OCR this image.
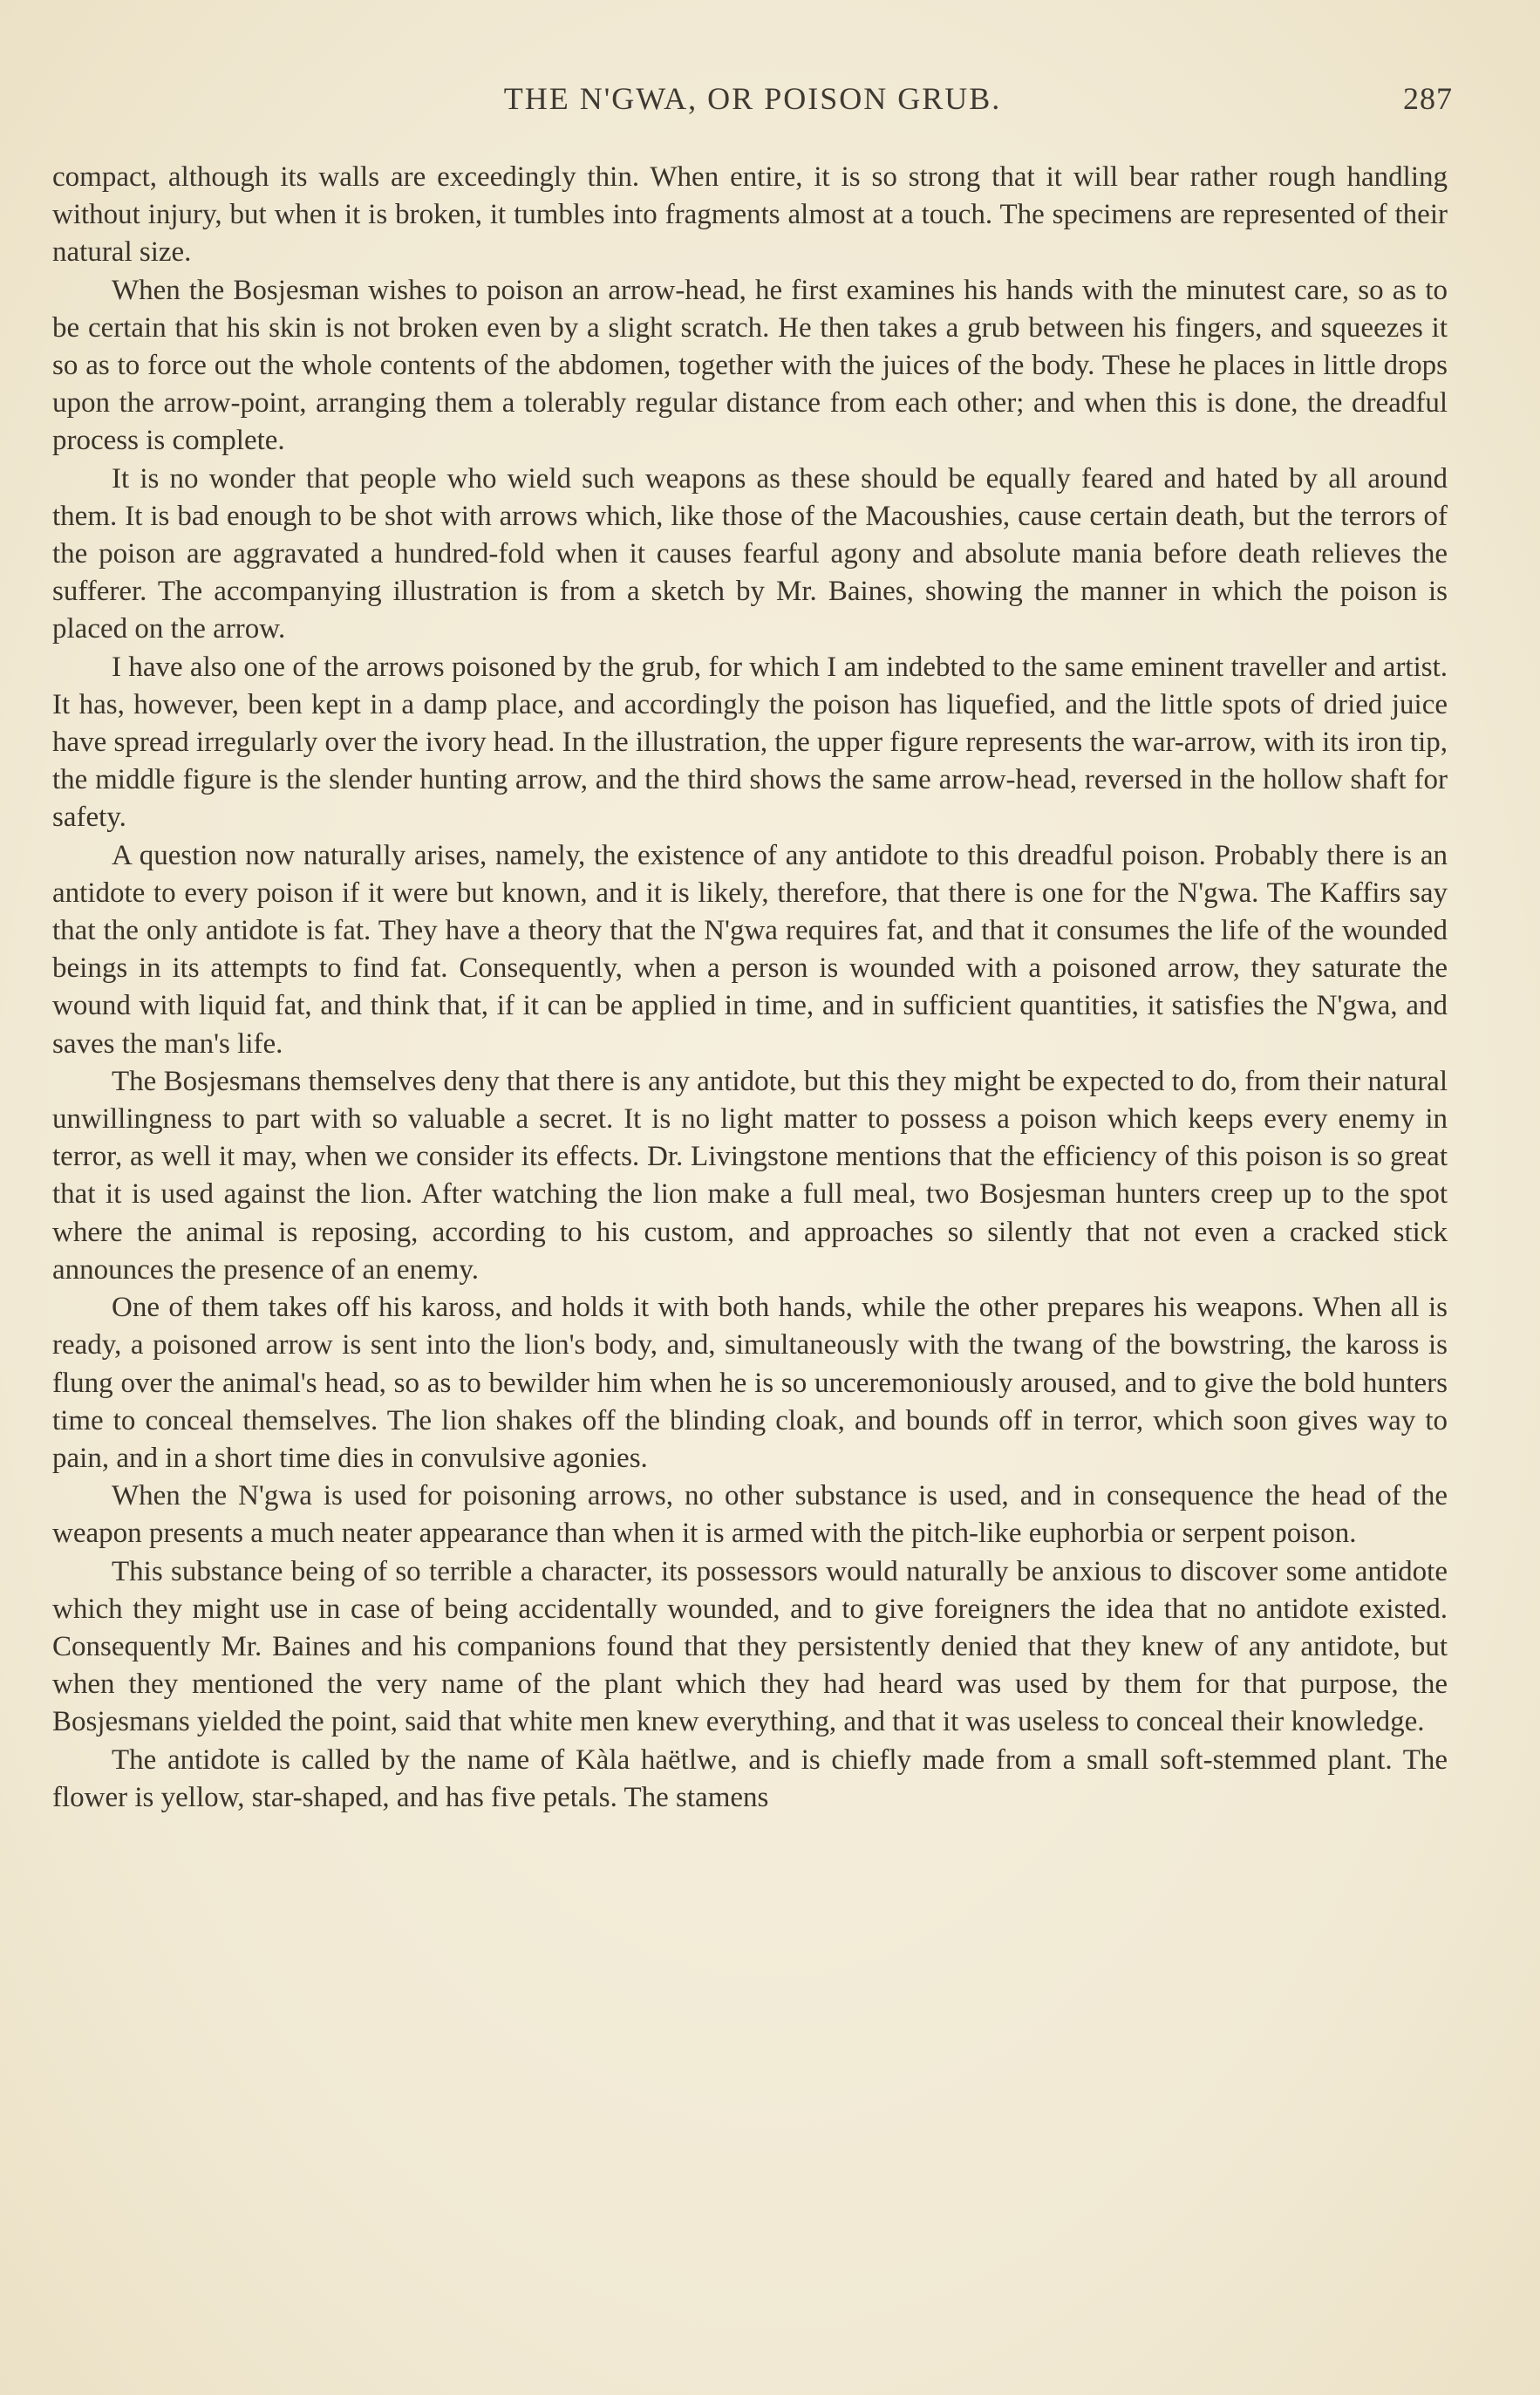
THE N'GWA, OR POISON GRUB.	287

compact, although its walls are exceedingly thin. When entire, it is so strong that it will bear rather rough handling without injury, but when it is broken, it tumbles into fragments almost at a touch. The specimens are represented of their natural size.

When the Bosjesman wishes to poison an arrow-head, he first examines his hands with the minutest care, so as to be certain that his skin is not broken even by a slight scratch. He then takes a grub between his fingers, and squeezes it so as to force out the whole contents of the abdomen, together with the juices of the body. These he places in little drops upon the arrow-point, arranging them a tolerably regular distance from each other; and when this is done, the dreadful process is complete.

It is no wonder that people who wield such weapons as these should be equally feared and hated by all around them. It is bad enough to be shot with arrows which, like those of the Macoushies, cause certain death, but the terrors of the poison are aggravated a hundred-fold when it causes fearful agony and absolute mania before death relieves the sufferer. The accompanying illustration is from a sketch by Mr. Baines, showing the manner in which the poison is placed on the arrow.

I have also one of the arrows poisoned by the grub, for which I am indebted to the same eminent traveller and artist. It has, however, been kept in a damp place, and accordingly the poison has liquefied, and the little spots of dried juice have spread irregularly over the ivory head. In the illustration, the upper figure represents the war-arrow, with its iron tip, the middle figure is the slender hunting arrow, and the third shows the same arrow-head, reversed in the hollow shaft for safety.

A question now naturally arises, namely, the existence of any antidote to this dreadful poison. Probably there is an antidote to every poison if it were but known, and it is likely, therefore, that there is one for the N'gwa. The Kaffirs say that the only antidote is fat. They have a theory that the N'gwa requires fat, and that it consumes the life of the wounded beings in its attempts to find fat. Consequently, when a person is wounded with a poisoned arrow, they saturate the wound with liquid fat, and think that, if it can be applied in time, and in sufficient quantities, it satisfies the N'gwa, and saves the man's life.

The Bosjesmans themselves deny that there is any antidote, but this they might be expected to do, from their natural unwillingness to part with so valuable a secret. It is no light matter to possess a poison which keeps every enemy in terror, as well it may, when we consider its effects. Dr. Livingstone mentions that the efficiency of this poison is so great that it is used against the lion. After watching the lion make a full meal, two Bosjesman hunters creep up to the spot where the animal is reposing, according to his custom, and approaches so silently that not even a cracked stick announces the presence of an enemy.

One of them takes off his kaross, and holds it with both hands, while the other prepares his weapons. When all is ready, a poisoned arrow is sent into the lion's body, and, simultaneously with the twang of the bowstring, the kaross is flung over the animal's head, so as to bewilder him when he is so unceremoniously aroused, and to give the bold hunters time to conceal themselves. The lion shakes off the blinding cloak, and bounds off in terror, which soon gives way to pain, and in a short time dies in convulsive agonies.

When the N'gwa is used for poisoning arrows, no other substance is used, and in consequence the head of the weapon presents a much neater appearance than when it is armed with the pitch-like euphorbia or serpent poison.

This substance being of so terrible a character, its possessors would naturally be anxious to discover some antidote which they might use in case of being accidentally wounded, and to give foreigners the idea that no antidote existed. Consequently Mr. Baines and his companions found that they persistently denied that they knew of any antidote, but when they mentioned the very name of the plant which they had heard was used by them for that purpose, the Bosjesmans yielded the point, said that white men knew everything, and that it was useless to conceal their knowledge.

The antidote is called by the name of Kàla haëtlwe, and is chiefly made from a small soft-stemmed plant. The flower is yellow, star-shaped, and has five petals. The stamens
